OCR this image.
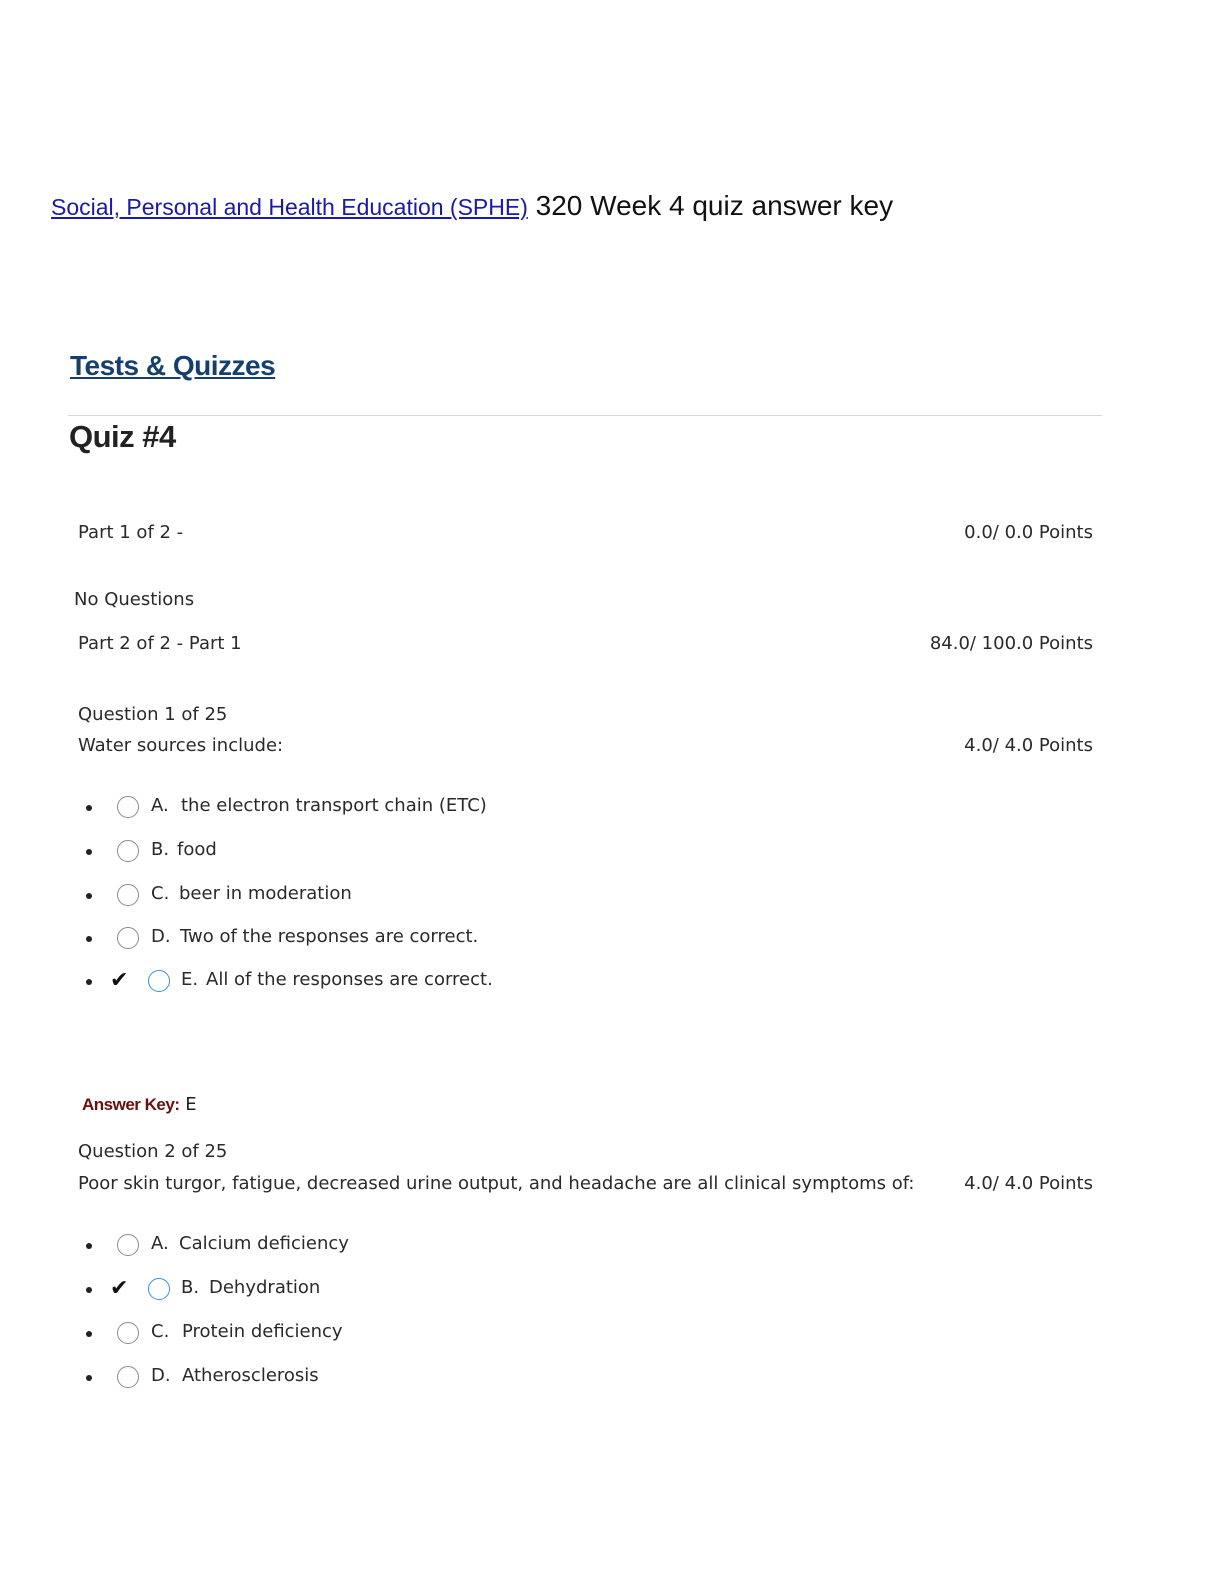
Social, Personal and Health Education (SPHE) 320 Week 4 quiz answer key
Tests & Quizzes
Quiz #4
Part 1 of 2 -	0.0/ 0.0 Points
No Questions
Part 2 of 2 - Part 1	84.0/ 100.0 Points
Question 1 of 25
Water sources include:	4.0/ 4.0 Points
A. the electron transport chain (ETC)
B. food
C. beer in moderation
D. Two of the responses are correct.
✔	E. All of the responses are correct.
Answer Key: E
Question 2 of 25
Poor skin turgor, fatigue, decreased urine output, and headache are all clinical symptoms of:	4.0/ 4.0 Points
A. Calcium deficiency
✔	B. Dehydration
C. Protein deficiency
D. Atherosclerosis
